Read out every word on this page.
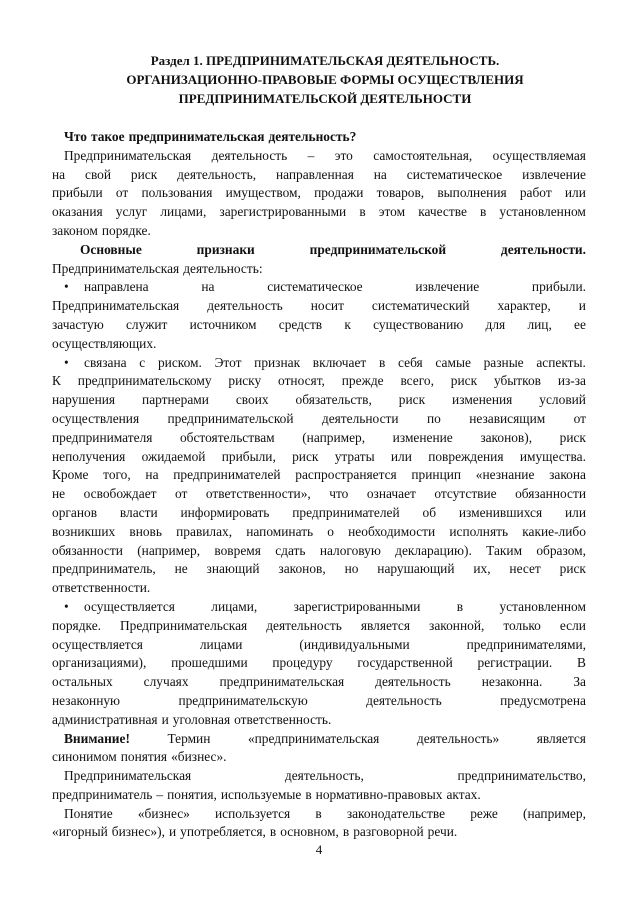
Раздел 1. ПРЕДПРИНИМАТЕЛЬСКАЯ ДЕЯТЕЛЬНОСТЬ.
ОРГАНИЗАЦИОННО-ПРАВОВЫЕ ФОРМЫ ОСУЩЕСТВЛЕНИЯ
ПРЕДПРИНИМАТЕЛЬСКОЙ ДЕЯТЕЛЬНОСТИ
Что такое предпринимательская деятельность?
Предпринимательская деятельность – это самостоятельная, осуществляемая
на свой риск деятельность, направленная на систематическое извлечение
прибыли от пользования имуществом, продажи товаров, выполнения работ или
оказания услуг лицами, зарегистрированными в этом качестве в установленном
законом порядке.
Основные	признаки	предпринимательской	деятельности.
Предпринимательская деятельность:
• направлена	на	систематическое	извлечение	прибыли.
Предпринимательская деятельность носит систематический характер, и
зачастую служит источником средств к существованию для лиц, ее
осуществляющих.
• связана с риском. Этот признак включает в себя самые разные аспекты.
К предпринимательскому риску относят, прежде всего, риск убытков из-за
нарушения партнерами своих обязательств, риск изменения условий
осуществления предпринимательской деятельности по независящим от
предпринимателя обстоятельствам (например, изменение законов), риск
неполучения ожидаемой прибыли, риск утраты или повреждения имущества.
Кроме того, на предпринимателей распространяется принцип «незнание закона
не освобождает от ответственности», что означает отсутствие обязанности
органов власти информировать предпринимателей об изменившихся или
возникших вновь правилах, напоминать о необходимости исполнять какие-либо
обязанности (например, вовремя сдать налоговую декларацию). Таким образом,
предприниматель, не знающий законов, но нарушающий их, несет риск
ответственности.
• осуществляется	лицами,	зарегистрированными	в	установленном
порядке. Предпринимательская деятельность является законной, только если
осуществляется	лицами	(индивидуальными	предпринимателями,
организациями), прошедшими процедуру государственной регистрации. В
остальных случаях предпринимательская деятельность незаконна. За
незаконную	предпринимательскую	деятельность	предусмотрена
административная и уголовная ответственность.
Внимание!	Термин	«предпринимательская	деятельность»	является
синонимом понятия «бизнес».
Предпринимательская	деятельность,	предпринимательство,
предприниматель – понятия, используемые в нормативно-правовых актах.
Понятие «бизнес» используется в законодательстве реже (например,
«игорный бизнес»), и употребляется, в основном, в разговорной речи.
4
